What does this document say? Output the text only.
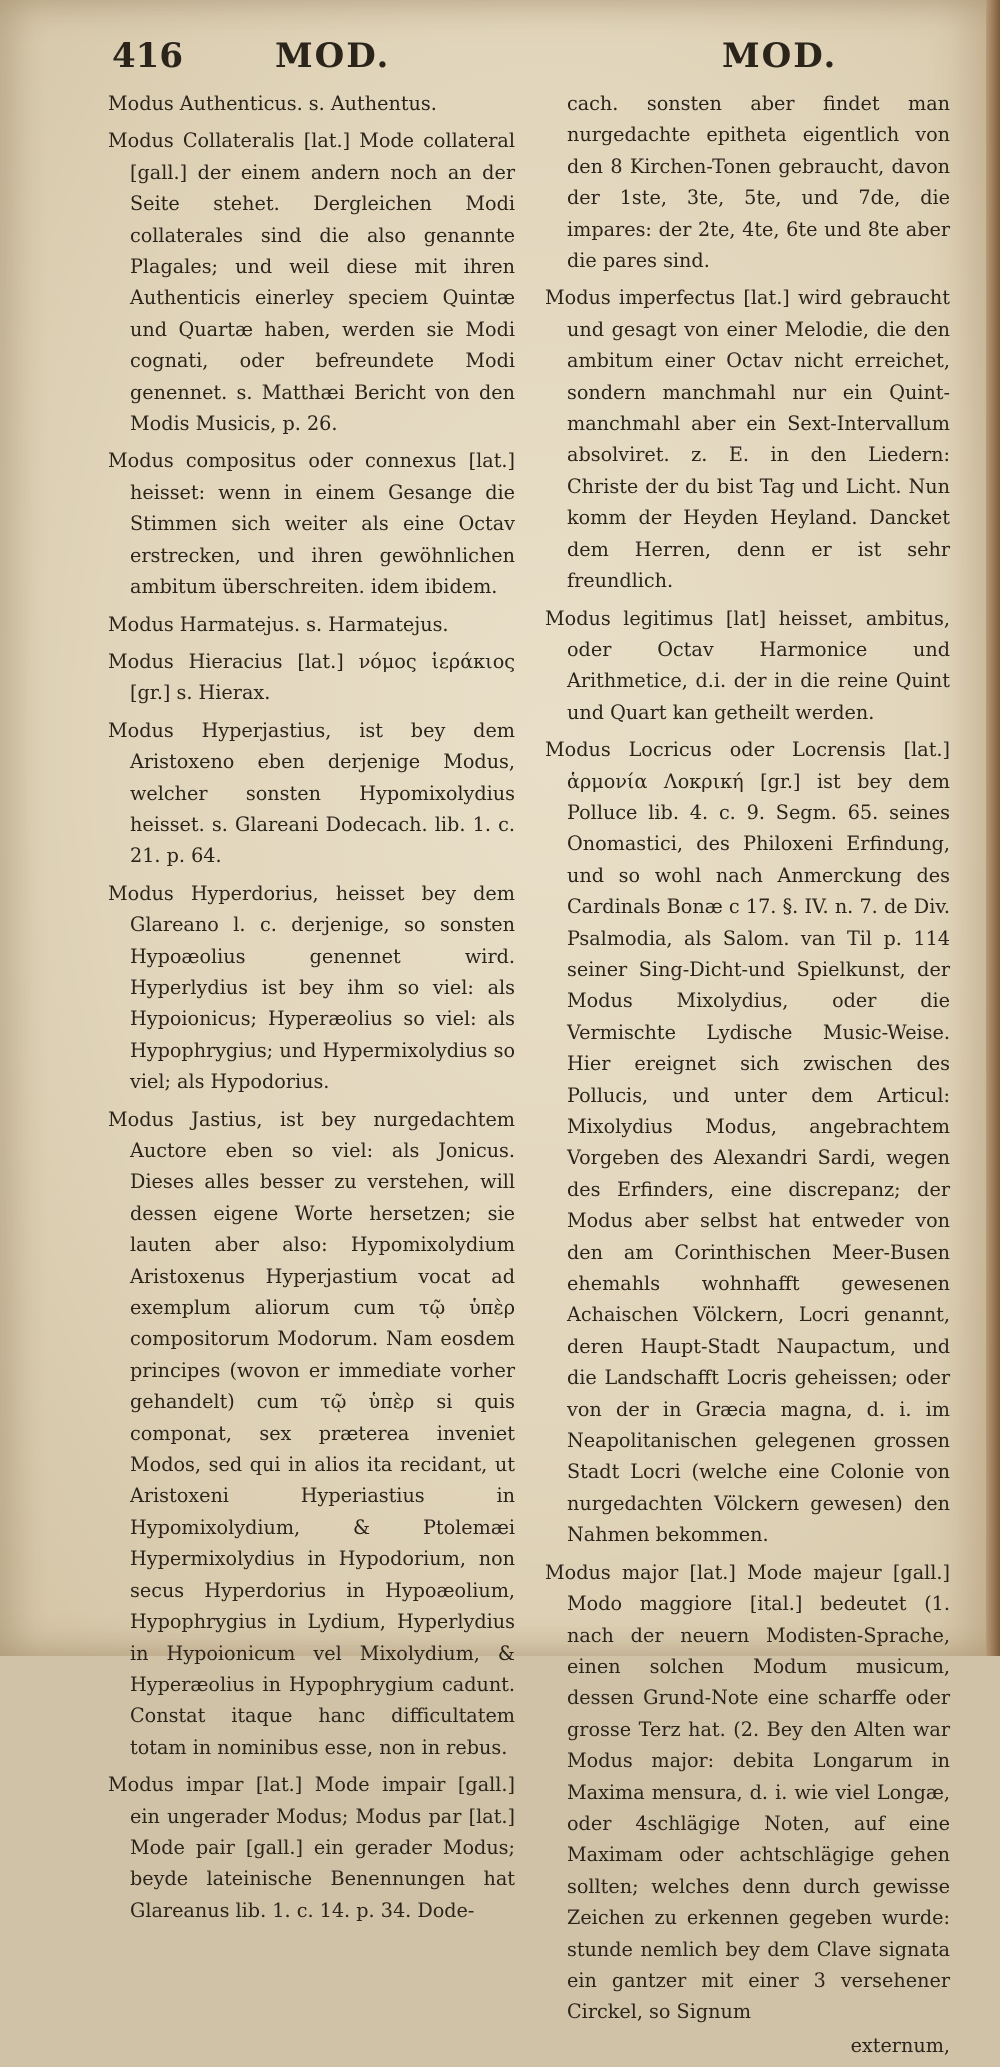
416	MOD.	MOD.

Modus Authenticus. s. Authentus.

Modus Collateralis [lat.] Mode collateral [gall.] der einem andern noch an der Seite stehet. Dergleichen Modi collaterales sind die also genannte Plagales; und weil diese mit ihren Authenticis einerley speciem Quintæ und Quartæ haben, werden sie Modi cognati, oder befreundete Modi genennet. s. Matthæi Bericht von den Modis Musicis, p. 26.

Modus compositus oder connexus [lat.] heisset: wenn in einem Gesange die Stimmen sich weiter als eine Octav erstrecken, und ihren gewöhnlichen ambitum überschreiten. idem ibidem.

Modus Harmatejus. s. Harmatejus.

Modus Hieracius [lat.] νόμος ἱεράκιος [gr.] s. Hierax.

Modus Hyperjastius, ist bey dem Aristoxeno eben derjenige Modus, welcher sonsten Hypomixolydius heisset. s. Glareani Dodecach. lib. 1. c. 21. p. 64.

Modus Hyperdorius, heisset bey dem Glareano l. c. derjenige, so sonsten Hypoæolius genennet wird. Hyperlydius ist bey ihm so viel: als Hypoionicus; Hyperæolius so viel: als Hypophrygius; und Hypermixolydius so viel; als Hypodorius.

Modus Jastius, ist bey nurgedachtem Auctore eben so viel: als Jonicus. Dieses alles besser zu verstehen, will dessen eigene Worte hersetzen; sie lauten aber also: Hypomixolydium Aristoxenus Hyperjastium vocat ad exemplum aliorum cum τῷ ὑπὲρ compositorum Modorum. Nam eosdem principes (wovon er immediate vorher gehandelt) cum τῷ ὑπὲρ si quis componat, sex præterea inveniet Modos, sed qui in alios ita recidant, ut Aristoxeni Hyperiastius in Hypomixolydium, & Ptolemæi Hypermixolydius in Hypodorium, non secus Hyperdorius in Hypoæolium, Hypophrygius in Lydium, Hyperlydius in Hypoionicum vel Mixolydium, & Hyperæolius in Hypophrygium cadunt. Constat itaque hanc difficultatem totam in nominibus esse, non in rebus.

Modus impar [lat.] Mode impair [gall.] ein ungerader Modus; Modus par [lat.] Mode pair [gall.] ein gerader Modus; beyde lateinische Benennungen hat Glareanus lib. 1. c. 14. p. 34. Dode-

cach. sonsten aber findet man nurgedachte epitheta eigentlich von den 8 Kirchen-Tonen gebraucht, davon der 1ste, 3te, 5te, und 7de, die impares: der 2te, 4te, 6te und 8te aber die pares sind.

Modus imperfectus [lat.] wird gebraucht und gesagt von einer Melodie, die den ambitum einer Octav nicht erreichet, sondern manchmahl nur ein Quint-manchmahl aber ein Sext-Intervallum absolviret. z. E. in den Liedern: Christe der du bist Tag und Licht. Nun komm der Heyden Heyland. Dancket dem Herren, denn er ist sehr freundlich.

Modus legitimus [lat] heisset, ambitus, oder Octav Harmonice und Arithmetice, d.i. der in die reine Quint und Quart kan getheilt werden.

Modus Locricus oder Locrensis [lat.] ἁρμονία Λοκρική [gr.] ist bey dem Polluce lib. 4. c. 9. Segm. 65. seines Onomastici, des Philoxeni Erfindung, und so wohl nach Anmerckung des Cardinals Bonæ c 17. §. IV. n. 7. de Div. Psalmodia, als Salom. van Til p. 114 seiner Sing-Dicht-und Spielkunst, der Modus Mixolydius, oder die Vermischte Lydische Music-Weise. Hier ereignet sich zwischen des Pollucis, und unter dem Articul: Mixolydius Modus, angebrachtem Vorgeben des Alexandri Sardi, wegen des Erfinders, eine discrepanz; der Modus aber selbst hat entweder von den am Corinthischen Meer-Busen ehemahls wohnhafft gewesenen Achaischen Völckern, Locri genannt, deren Haupt-Stadt Naupactum, und die Landschafft Locris geheissen; oder von der in Græcia magna, d. i. im Neapolitanischen gelegenen grossen Stadt Locri (welche eine Colonie von nurgedachten Völckern gewesen) den Nahmen bekommen.

Modus major [lat.] Mode majeur [gall.] Modo maggiore [ital.] bedeutet (1. nach der neuern Modisten-Sprache, einen solchen Modum musicum, dessen Grund-Note eine scharffe oder grosse Terz hat. (2. Bey den Alten war Modus major: debita Longarum in Maxima mensura, d. i. wie viel Longæ, oder 4schlägige Noten, auf eine Maximam oder achtschlägige gehen sollten; welches denn durch gewisse Zeichen zu erkennen gegeben wurde: stunde nemlich bey dem Clave signata ein gantzer mit einer 3 versehener Circkel, so Signum

externum,
